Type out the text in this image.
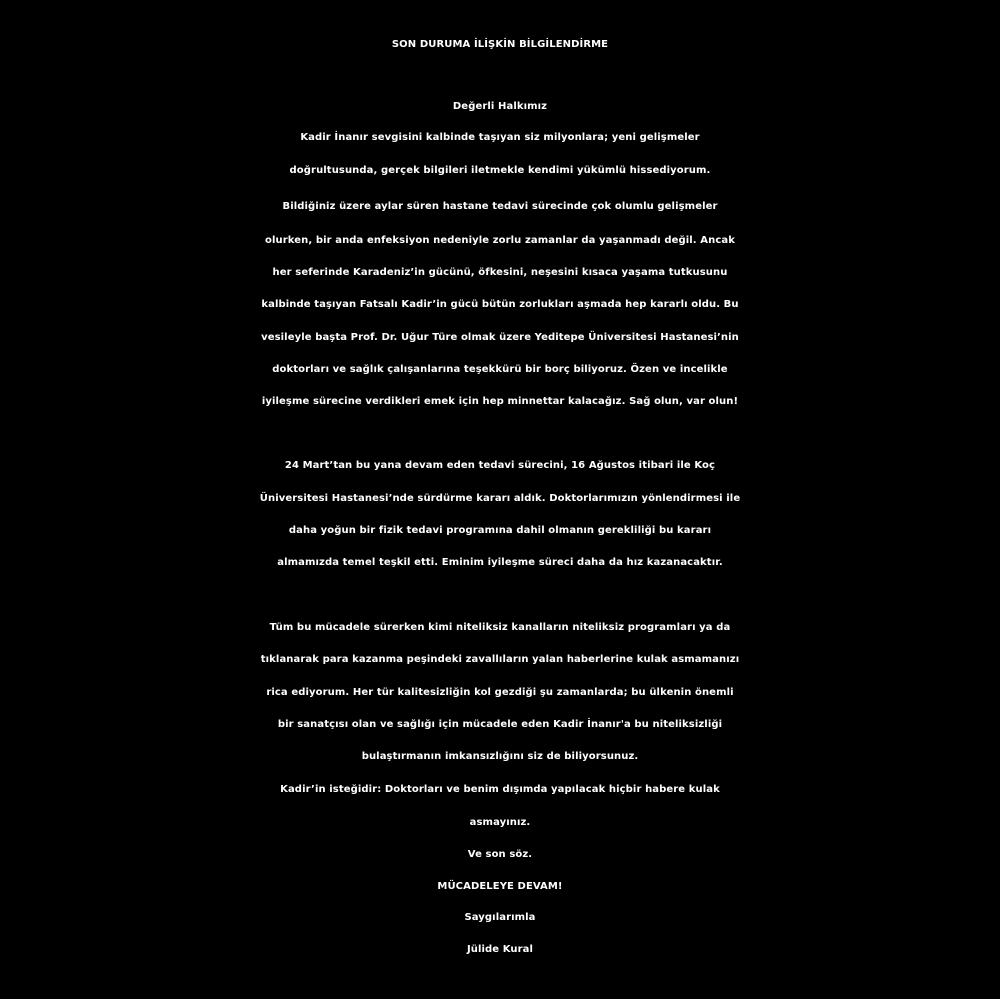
SON DURUMA İLİŞKİN BİLGİLENDİRME
Değerli Halkımız
Kadir İnanır sevgisini kalbinde taşıyan siz milyonlara; yeni gelişmeler
doğrultusunda, gerçek bilgileri iletmekle kendimi yükümlü hissediyorum.
Bildiğiniz üzere aylar süren hastane tedavi sürecinde çok olumlu gelişmeler
olurken, bir anda enfeksiyon nedeniyle zorlu zamanlar da yaşanmadı değil. Ancak
her seferinde Karadeniz’in gücünü, öfkesini, neşesini kısaca yaşama tutkusunu
kalbinde taşıyan Fatsalı Kadir’in gücü bütün zorlukları aşmada hep kararlı oldu. Bu
vesileyle başta Prof. Dr. Uğur Türe olmak üzere Yeditepe Üniversitesi Hastanesi’nin
doktorları ve sağlık çalışanlarına teşekkürü bir borç biliyoruz. Özen ve incelikle
iyileşme sürecine verdikleri emek için hep minnettar kalacağız. Sağ olun, var olun!
24 Mart’tan bu yana devam eden tedavi sürecini, 16 Ağustos itibari ile Koç
Üniversitesi Hastanesi’nde sürdürme kararı aldık. Doktorlarımızın yönlendirmesi ile
daha yoğun bir fizik tedavi programına dahil olmanın gerekliliği bu kararı
almamızda temel teşkil etti. Eminim iyileşme süreci daha da hız kazanacaktır.
Tüm bu mücadele sürerken kimi niteliksiz kanalların niteliksiz programları ya da
tıklanarak para kazanma peşindeki zavallıların yalan haberlerine kulak asmamanızı
rica ediyorum. Her tür kalitesizliğin kol gezdiği şu zamanlarda; bu ülkenin önemli
bir sanatçısı olan ve sağlığı için mücadele eden Kadir İnanır'a bu niteliksizliği
bulaştırmanın imkansızlığını siz de biliyorsunuz.
Kadir’in isteğidir: Doktorları ve benim dışımda yapılacak hiçbir habere kulak
asmayınız.
Ve son söz.
MÜCADELEYE DEVAM!
Saygılarımla
Jülide Kural
